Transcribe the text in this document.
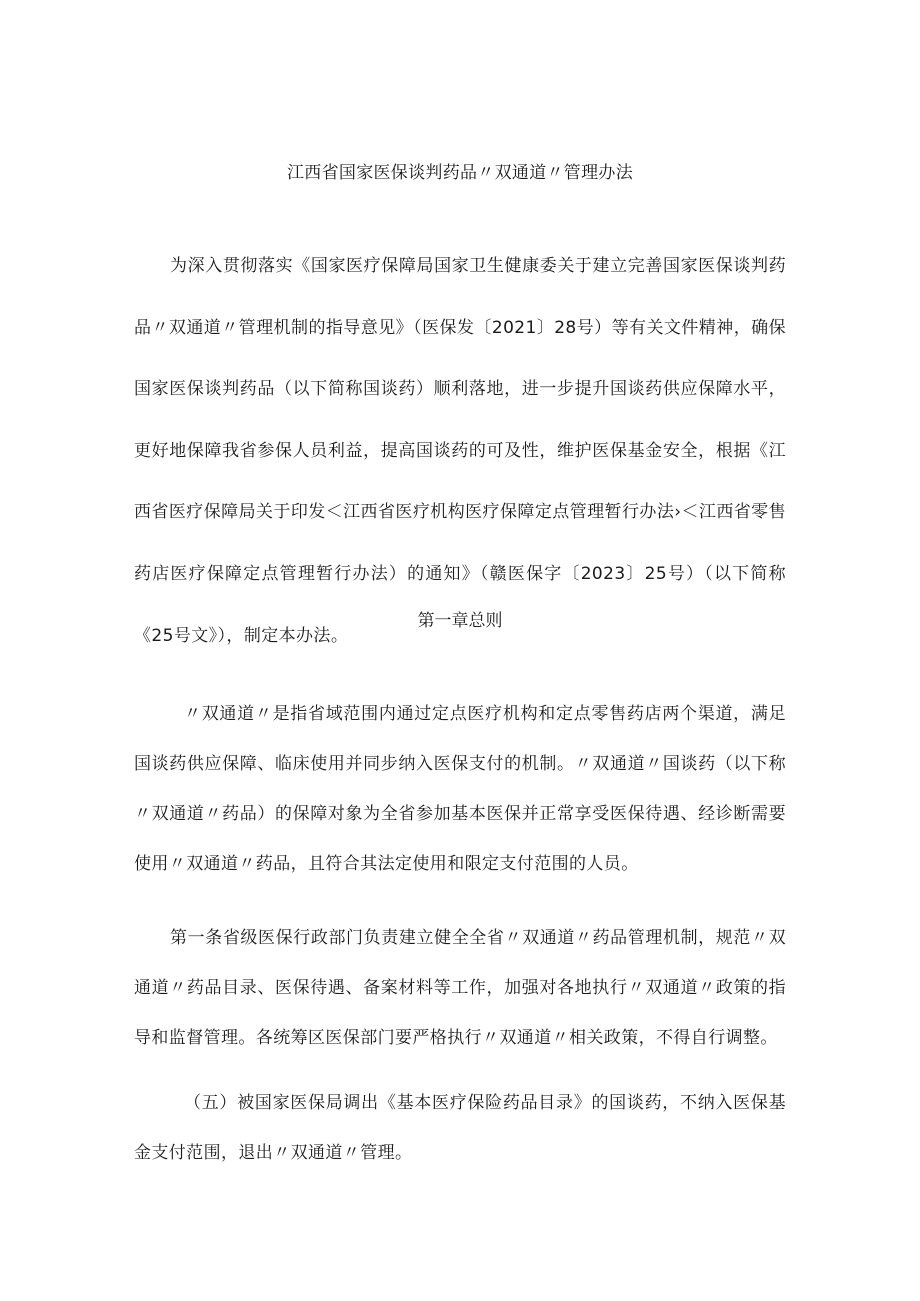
江西省国家医保谈判药品〃双通道〃管理办法

为深入贯彻落实《国家医疗保障局国家卫生健康委关于建立完善国家医保谈判药品〃双通道〃管理机制的指导意见》（医保发〔2021〕28号）等有关文件精神，确保国家医保谈判药品（以下简称国谈药）顺利落地，进一步提升国谈药供应保障水平，更好地保障我省参保人员利益，提高国谈药的可及性，维护医保基金安全，根据《江西省医疗保障局关于印发＜江西省医疗机构医疗保障定点管理暂行办法›＜江西省零售药店医疗保障定点管理暂行办法）的通知》（赣医保字〔2023〕25号）（以下简称《25号文》），制定本办法。

第一章总则

〃双通道〃是指省域范围内通过定点医疗机构和定点零售药店两个渠道，满足国谈药供应保障、临床使用并同步纳入医保支付的机制。〃双通道〃国谈药（以下称〃双通道〃药品）的保障对象为全省参加基本医保并正常享受医保待遇、经诊断需要使用〃双通道〃药品，且符合其法定使用和限定支付范围的人员。

第一条省级医保行政部门负责建立健全全省〃双通道〃药品管理机制，规范〃双通道〃药品目录、医保待遇、备案材料等工作，加强对各地执行〃双通道〃政策的指导和监督管理。各统筹区医保部门要严格执行〃双通道〃相关政策，不得自行调整。

（五）被国家医保局调出《基本医疗保险药品目录》的国谈药，不纳入医保基金支付范围，退出〃双通道〃管理。
